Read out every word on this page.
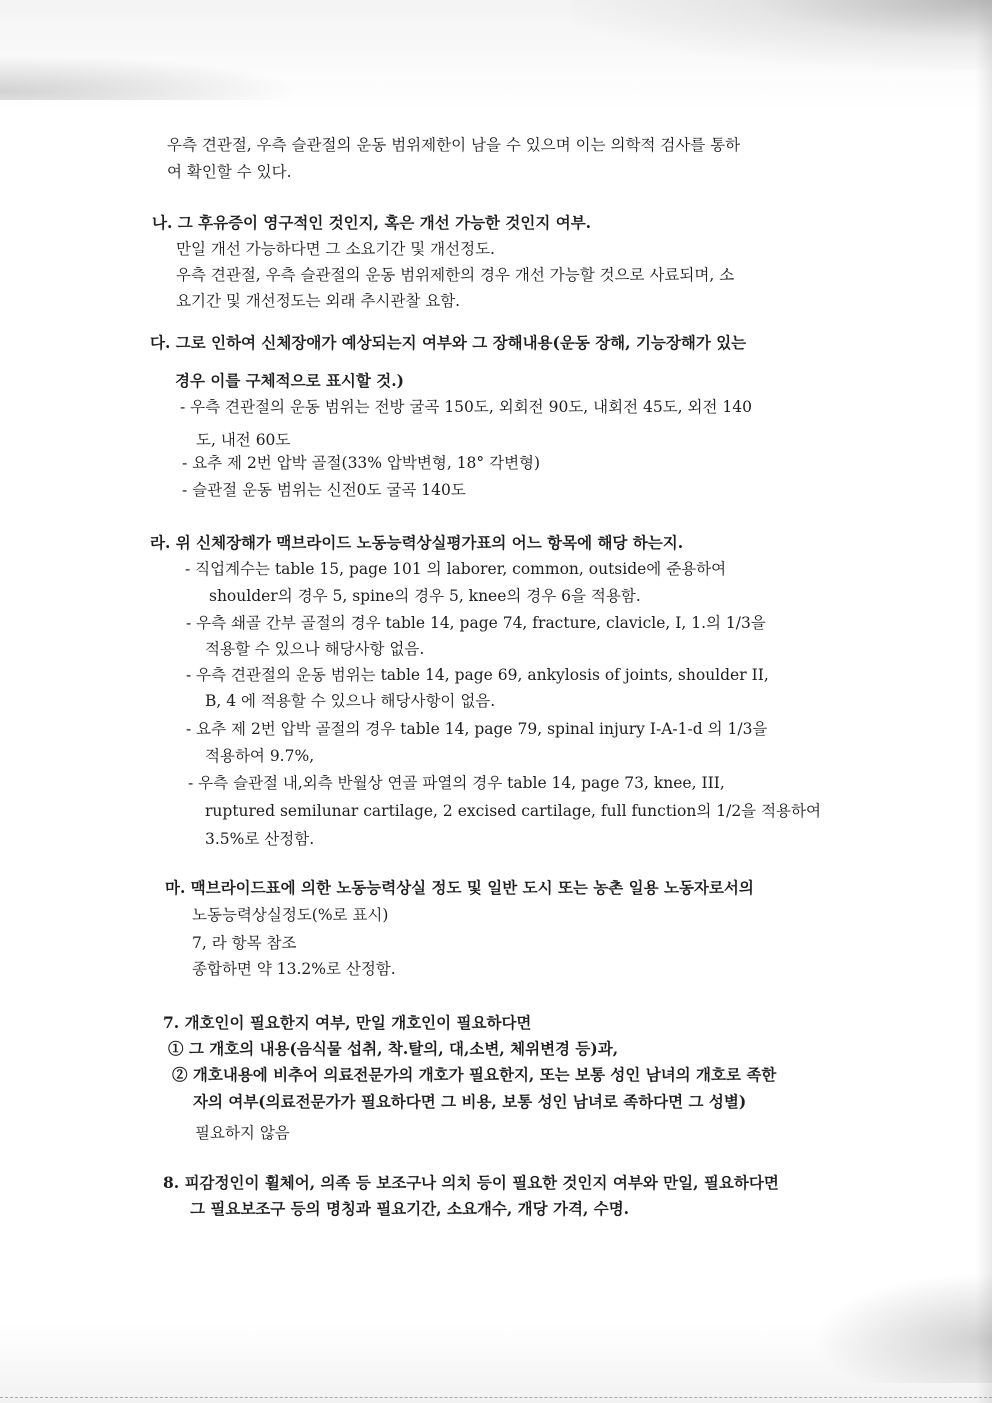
우측 견관절, 우측 슬관절의 운동 범위제한이 남을 수 있으며 이는 의학적 검사를 통하
여 확인할 수 있다.
나. 그 후유증이 영구적인 것인지, 혹은 개선 가능한 것인지 여부.
만일 개선 가능하다면 그 소요기간 및 개선정도.
우측 견관절, 우측 슬관절의 운동 범위제한의 경우 개선 가능할 것으로 사료되며, 소
요기간 및 개선정도는 외래 추시관찰 요함.
다. 그로 인하여 신체장애가 예상되는지 여부와 그 장해내용(운동 장해, 기능장해가 있는
경우 이를 구체적으로 표시할 것.)
- 우측 견관절의 운동 범위는 전방 굴곡 150도, 외회전 90도, 내회전 45도, 외전 140
도, 내전 60도
- 요추 제 2번 압박 골절(33% 압박변형, 18° 각변형)
- 슬관절 운동 범위는 신전0도 굴곡 140도
라. 위 신체장해가 맥브라이드 노동능력상실평가표의 어느 항목에 해당 하는지.
- 직업계수는 table 15, page 101 의 laborer, common, outside에 준용하여
shoulder의 경우 5, spine의 경우 5, knee의 경우 6을 적용함.
- 우측 쇄골 간부 골절의 경우 table 14, page 74, fracture, clavicle, I, 1.의 1/3을
적용할 수 있으나 해당사항 없음.
- 우측 견관절의 운동 범위는 table 14, page 69, ankylosis of joints, shoulder II,
B, 4 에 적용할 수 있으나 해당사항이 없음.
- 요추 제 2번 압박 골절의 경우 table 14, page 79, spinal injury I-A-1-d 의 1/3을
적용하여 9.7%,
- 우측 슬관절 내,외측 반월상 연골 파열의 경우 table 14, page 73, knee, III,
ruptured semilunar cartilage, 2 excised cartilage, full function의 1/2을 적용하여
3.5%로 산정함.
마. 맥브라이드표에 의한 노동능력상실 정도 및 일반 도시 또는 농촌 일용 노동자로서의
노동능력상실정도(%로 표시)
7, 라 항목 참조
종합하면 약 13.2%로 산정함.
7. 개호인이 필요한지 여부, 만일 개호인이 필요하다면
① 그 개호의 내용(음식물 섭취, 착.탈의, 대,소변, 체위변경 등)과,
② 개호내용에 비추어 의료전문가의 개호가 필요한지, 또는 보통 성인 남녀의 개호로 족한
자의 여부(의료전문가가 필요하다면 그 비용, 보통 성인 남녀로 족하다면 그 성별)
필요하지 않음
8. 피감정인이 휠체어, 의족 등 보조구나 의치 등이 필요한 것인지 여부와 만일, 필요하다면
그 필요보조구 등의 명칭과 필요기간, 소요개수, 개당 가격, 수명.
